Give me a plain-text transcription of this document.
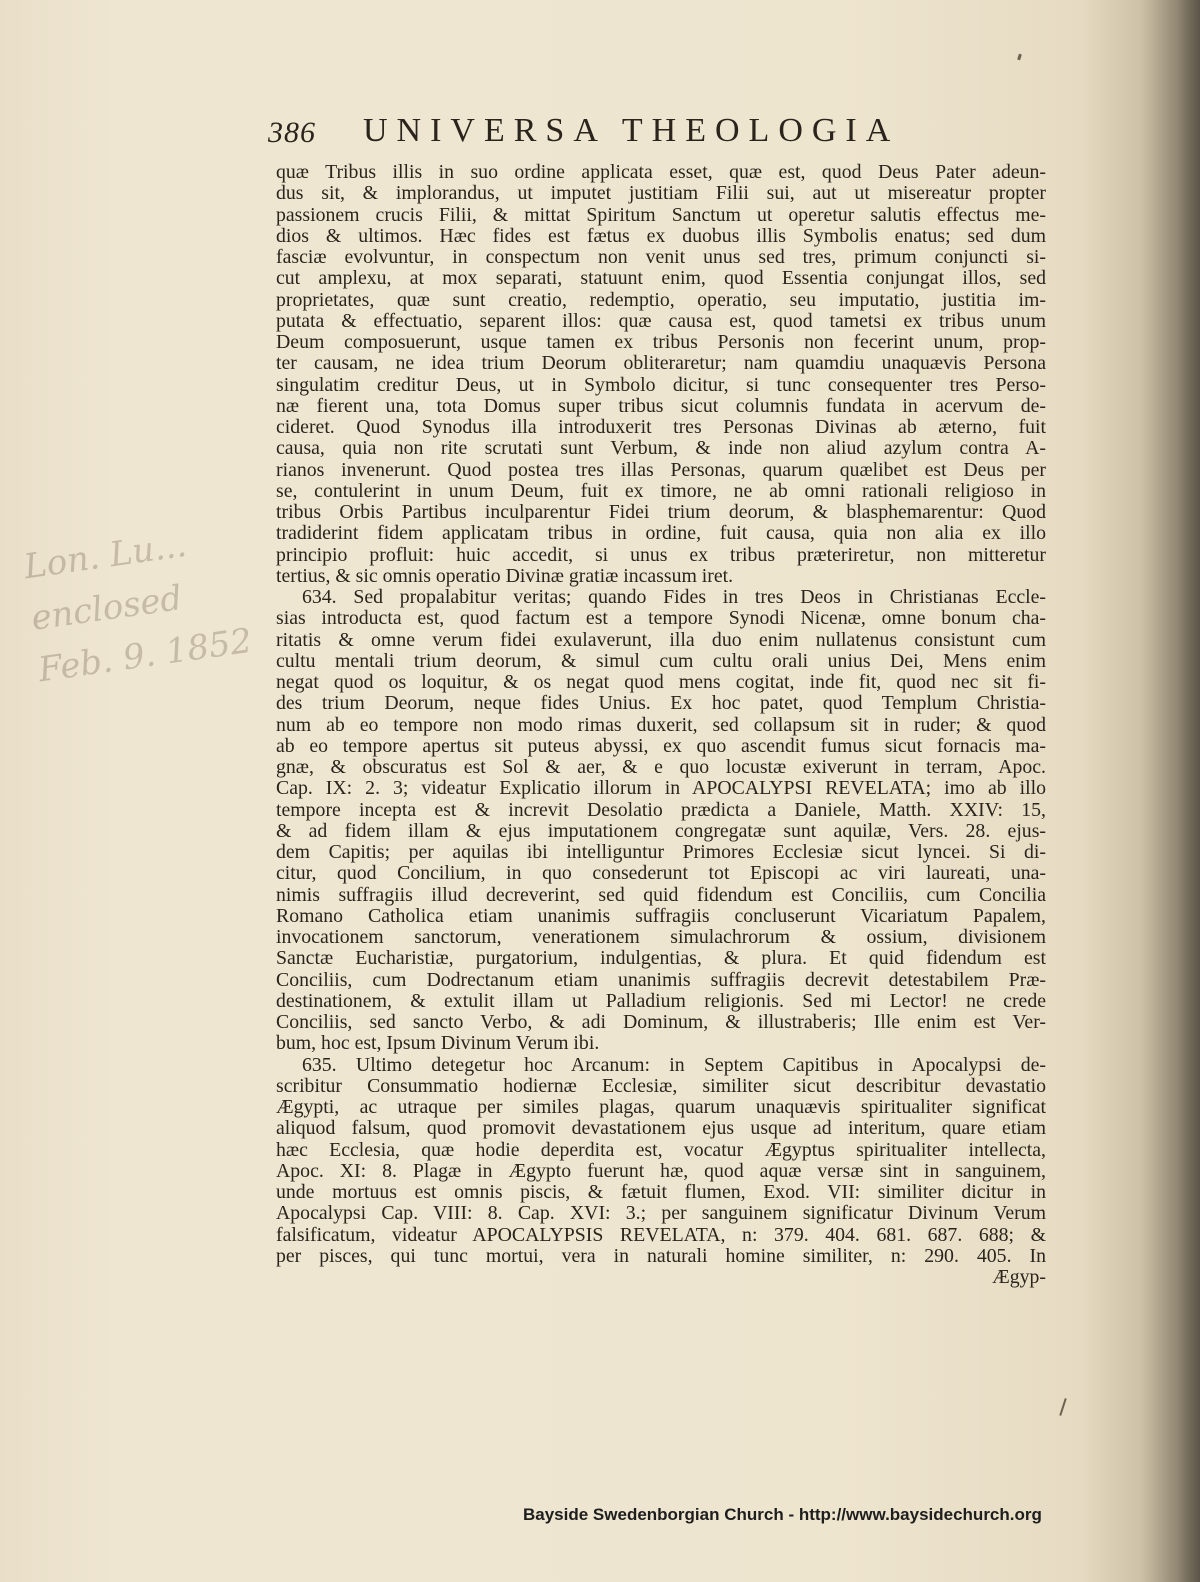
386 UNIVERSA THEOLOGIA
Lon. Lu...
enclosed
Feb. 9. 1852
quæ Tribus illis in suo ordine applicata esset, quæ est, quod Deus Pater adeun-
dus sit, & implorandus, ut imputet justitiam Filii sui, aut ut misereatur propter
passionem crucis Filii, & mittat Spiritum Sanctum ut operetur salutis effectus me-
dios & ultimos. Hæc fides est fætus ex duobus illis Symbolis enatus; sed dum
fasciæ evolvuntur, in conspectum non venit unus sed tres, primum conjuncti si-
cut amplexu, at mox separati, statuunt enim, quod Essentia conjungat illos, sed
proprietates, quæ sunt creatio, redemptio, operatio, seu imputatio, justitia im-
putata & effectuatio, separent illos: quæ causa est, quod tametsi ex tribus unum
Deum composuerunt, usque tamen ex tribus Personis non fecerint unum, prop-
ter causam, ne idea trium Deorum obliteraretur; nam quamdiu unaquævis Persona
singulatim creditur Deus, ut in Symbolo dicitur, si tunc consequenter tres Perso-
næ fierent una, tota Domus super tribus sicut columnis fundata in acervum de-
cideret. Quod Synodus illa introduxerit tres Personas Divinas ab æterno, fuit
causa, quia non rite scrutati sunt Verbum, & inde non aliud azylum contra A-
rianos invenerunt. Quod postea tres illas Personas, quarum quælibet est Deus per
se, contulerint in unum Deum, fuit ex timore, ne ab omni rationali religioso in
tribus Orbis Partibus inculparentur Fidei trium deorum, & blasphemarentur: Quod
tradiderint fidem applicatam tribus in ordine, fuit causa, quia non alia ex illo
principio profluit: huic accedit, si unus ex tribus præteriretur, non mitteretur
tertius, & sic omnis operatio Divinæ gratiæ incassum iret.
634. Sed propalabitur veritas; quando Fides in tres Deos in Christianas Eccle-
sias introducta est, quod factum est a tempore Synodi Nicenæ, omne bonum cha-
ritatis & omne verum fidei exulaverunt, illa duo enim nullatenus consistunt cum
cultu mentali trium deorum, & simul cum cultu orali unius Dei, Mens enim
negat quod os loquitur, & os negat quod mens cogitat, inde fit, quod nec sit fi-
des trium Deorum, neque fides Unius. Ex hoc patet, quod Templum Christia-
num ab eo tempore non modo rimas duxerit, sed collapsum sit in ruder; & quod
ab eo tempore apertus sit puteus abyssi, ex quo ascendit fumus sicut fornacis ma-
gnæ, & obscuratus est Sol & aer, & e quo locustæ exiverunt in terram, Apoc.
Cap. IX: 2. 3; videatur Explicatio illorum in APOCALYPSI REVELATA; imo ab illo
tempore incepta est & increvit Desolatio prædicta a Daniele, Matth. XXIV: 15,
& ad fidem illam & ejus imputationem congregatæ sunt aquilæ, Vers. 28. ejus-
dem Capitis; per aquilas ibi intelliguntur Primores Ecclesiæ sicut lyncei. Si di-
citur, quod Concilium, in quo consederunt tot Episcopi ac viri laureati, una-
nimis suffragiis illud decreverint, sed quid fidendum est Conciliis, cum Concilia
Romano Catholica etiam unanimis suffragiis concluserunt Vicariatum Papalem,
invocationem sanctorum, venerationem simulachrorum & ossium, divisionem
Sanctæ Eucharistiæ, purgatorium, indulgentias, & plura. Et quid fidendum est
Conciliis, cum Dodrectanum etiam unanimis suffragiis decrevit detestabilem Præ-
destinationem, & extulit illam ut Palladium religionis. Sed mi Lector! ne crede
Conciliis, sed sancto Verbo, & adi Dominum, & illustraberis; Ille enim est Ver-
bum, hoc est, Ipsum Divinum Verum ibi.
635. Ultimo detegetur hoc Arcanum: in Septem Capitibus in Apocalypsi de-
scribitur Consummatio hodiernæ Ecclesiæ, similiter sicut describitur devastatio
Ægypti, ac utraque per similes plagas, quarum unaquævis spiritualiter significat
aliquod falsum, quod promovit devastationem ejus usque ad interitum, quare etiam
hæc Ecclesia, quæ hodie deperdita est, vocatur Ægyptus spiritualiter intellecta,
Apoc. XI: 8. Plagæ in Ægypto fuerunt hæ, quod aquæ versæ sint in sanguinem,
unde mortuus est omnis piscis, & fætuit flumen, Exod. VII: similiter dicitur in
Apocalypsi Cap. VIII: 8. Cap. XVI: 3.; per sanguinem significatur Divinum Verum
falsificatum, videatur APOCALYPSIS REVELATA, n: 379. 404. 681. 687. 688; &
per pisces, qui tunc mortui, vera in naturali homine similiter, n: 290. 405. In
Ægyp-
Bayside Swedenborgian Church - http://www.baysidechurch.org
